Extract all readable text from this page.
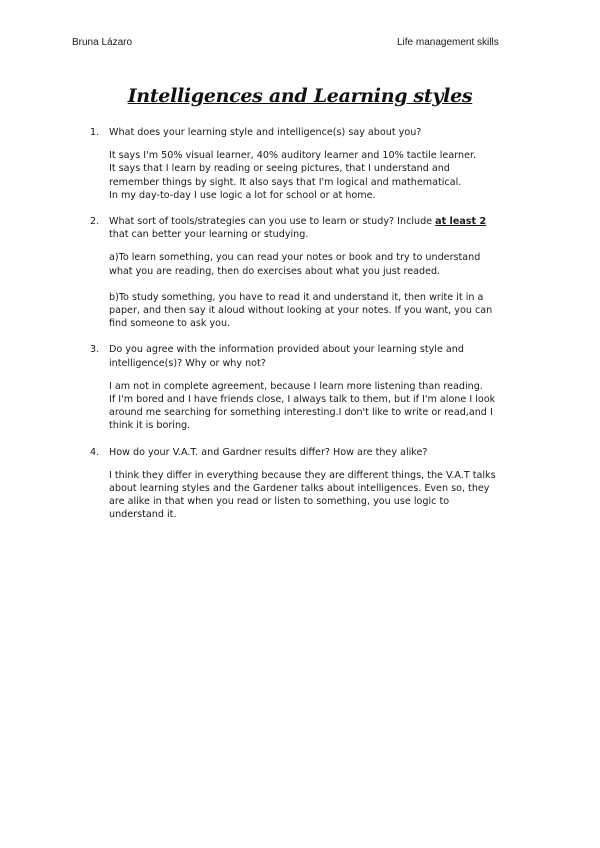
Bruna Lázaro	Life management skills
Intelligences and Learning styles
1. What does your learning style and intelligence(s) say about you?
It says I'm 50% visual learner, 40% auditory learner and 10% tactile learner.
It says that I learn by reading or seeing pictures, that I understand and
remember things by sight. It also says that I'm logical and mathematical.
In my day-to-day I use logic a lot for school or at home.
2. What sort of tools/strategies can you use to learn or study? Include at least 2
that can better your learning or studying.
a)To learn something, you can read your notes or book and try to understand
what you are reading, then do exercises about what you just readed.
b)To study something, you have to read it and understand it, then write it in a
paper, and then say it aloud without looking at your notes. If you want, you can
find someone to ask you.
3. Do you agree with the information provided about your learning style and
intelligence(s)? Why or why not?
I am not in complete agreement, because I learn more listening than reading.
If I'm bored and I have friends close, I always talk to them, but if I'm alone I look
around me searching for something interesting.I don't like to write or read,and I
think it is boring.
4. How do your V.A.T. and Gardner results differ? How are they alike?
I think they differ in everything because they are different things, the V.A.T talks
about learning styles and the Gardener talks about intelligences. Even so, they
are alike in that when you read or listen to something, you use logic to
understand it.
